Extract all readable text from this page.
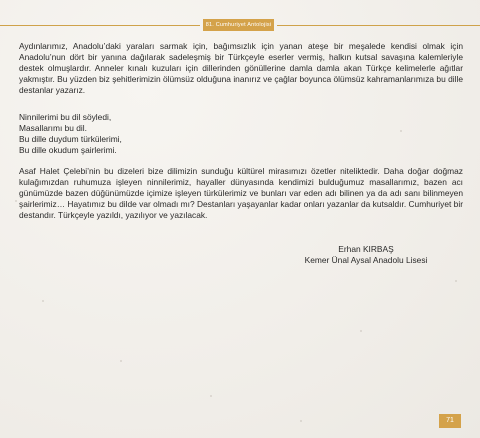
81. Cumhuriyet Antolojisi
Aydınlarımız, Anadolu’daki yaraları sarmak için, bağımsızlık için yanan ateşe bir meşalede kendisi olmak için Anadolu’nun dört bir yanına dağılarak sadeleşmiş bir Türkçeyle eserler vermiş, halkın kutsal savaşına kalemleriyle destek olmuşlardır. Anneler kınalı kuzuları için dillerinden gönüllerine damla damla akan Türkçe kelimelerle ağıtlar yakmıştır. Bu yüzden biz şehitlerimizin ölümsüz olduğuna inanırız ve çağlar boyunca ölümsüz kahramanlarımıza bu dille destanlar yazarız.
Ninnilerimi bu dil söyledi,
Masallarımı bu dil.
Bu dille duydum türkülerimi,
Bu dille okudum şairlerimi.
Asaf Halet Çelebi’nin bu dizeleri bize dilimizin sunduğu kültürel mirasımızı özetler niteliktedir. Daha doğar doğmaz kulağımızdan ruhumuza işleyen ninnilerimiz, hayaller dünyasında kendimizi bulduğumuz masallarımız, bazen acı günümüzde bazen düğünümüzde içimize işleyen türkülerimiz ve bunları var eden adı bilinen ya da adı sanı bilinmeyen şairlerimiz… Hayatımız bu dilde var olmadı mı? Destanları yaşayanlar kadar onları yazanlar da kutsaldır. Cumhuriyet bir destandır. Türkçeyle yazıldı, yazılıyor ve yazılacak.
Erhan KIRBAŞ
Kemer Ünal Aysal Anadolu Lisesi
71
